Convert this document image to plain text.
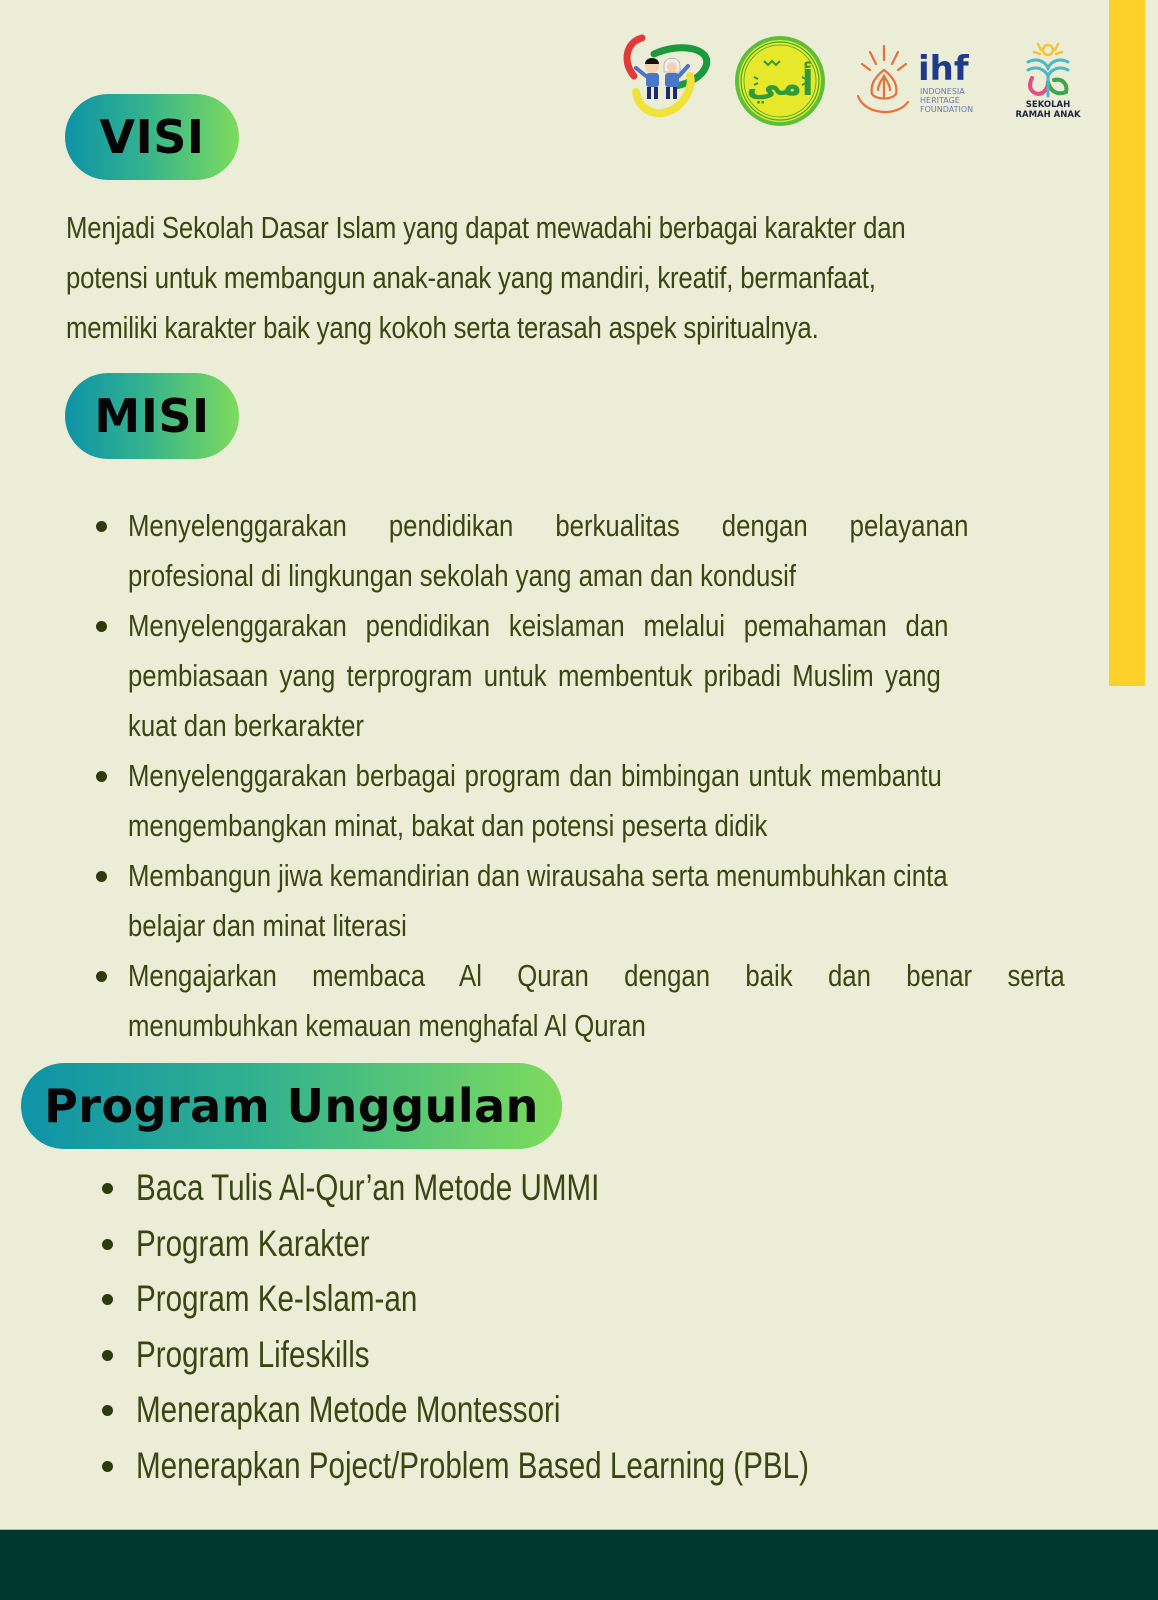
أمي	ihf
INDONESIA
HERITAGE
FOUNDATION	SEKOLAH
RAMAH ANAK
VISI
Menjadi Sekolah Dasar Islam yang dapat mewadahi berbagai karakter dan
potensi untuk membangun anak-anak yang mandiri, kreatif, bermanfaat,
memiliki karakter baik yang kokoh serta terasah aspek spiritualnya.
MISI
Menyelenggarakan pendidikan berkualitas dengan pelayanan
profesional di lingkungan sekolah yang aman dan kondusif
Menyelenggarakan pendidikan keislaman melalui pemahaman dan
pembiasaan yang terprogram untuk membentuk pribadi Muslim yang
kuat dan berkarakter
Menyelenggarakan berbagai program dan bimbingan untuk membantu
mengembangkan minat, bakat dan potensi peserta didik
Membangun jiwa kemandirian dan wirausaha serta menumbuhkan cinta
belajar dan minat literasi
Mengajarkan membaca Al Quran dengan baik dan benar serta
menumbuhkan kemauan menghafal Al Quran
Program Unggulan
Baca Tulis Al-Qur’an Metode UMMI
Program Karakter
Program Ke-Islam-an
Program Lifeskills
Menerapkan Metode Montessori
Menerapkan Poject/Problem Based Learning (PBL)
